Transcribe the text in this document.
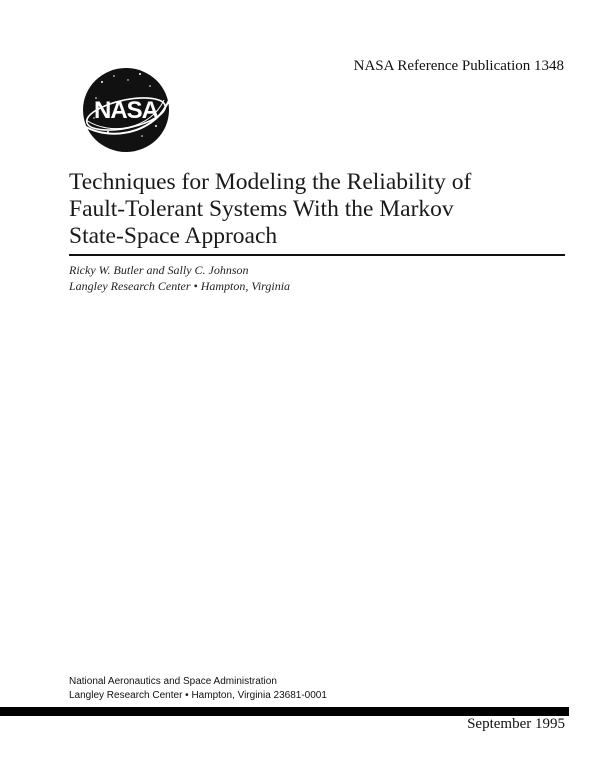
NASA
NASA Reference Publication 1348
Techniques for Modeling the Reliability of
Fault-Tolerant Systems With the Markov
State-Space Approach
Ricky W. Butler and Sally C. Johnson
Langley Research Center • Hampton, Virginia
National Aeronautics and Space Administration
Langley Research Center • Hampton, Virginia 23681-0001
September 1995
